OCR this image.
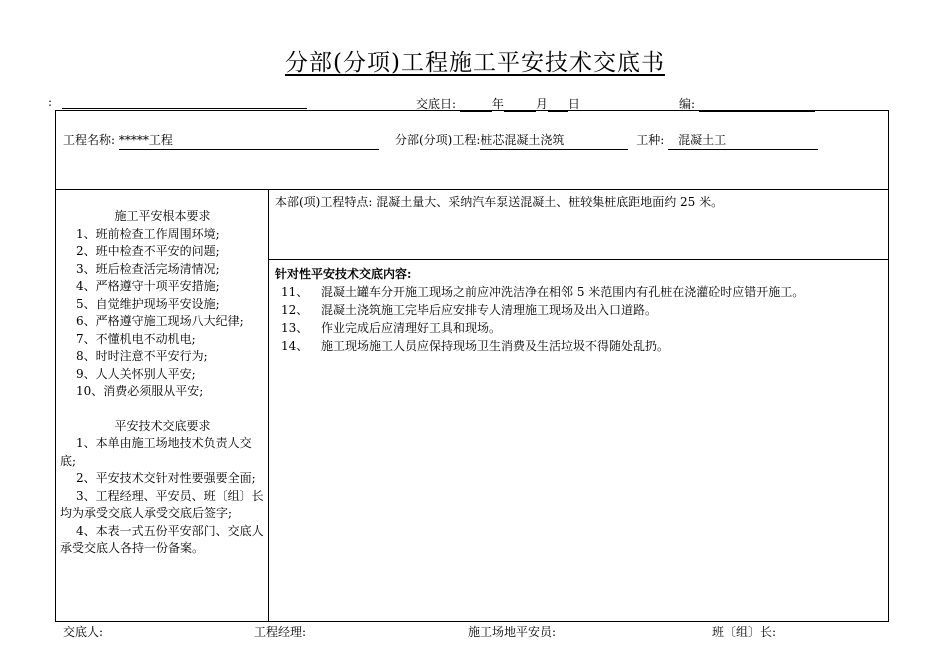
分部(分项)工程施工平安技术交底书
:	交底日:	年	月 日	编:
工程名称: *****工程	分部(分项)工程:桩芯混凝土浇筑	工种: 混凝土工
本部(项)工程特点: 混凝土量大、采纳汽车泵送混凝土、桩较集桩底距地面约 25 米。

施工平安根本要求

1、班前检查工作周围环境;

2、班中检查不平安的问题;

3、班后检查活完场清情况;

4、严格遵守十项平安措施;

5、自觉维护现场平安设施;

6、严格遵守施工现场八大纪律;

7、不懂机电不动机电;

8、时时注意不平安行为;

9、人人关怀别人平安;

10、消费必须服从平安;

平安技术交底要求

1、本单由施工场地技术负责人交底;

2、平安技术交针对性要强要全面;

3、工程经理、平安员、班〔组〕长均为承受交底人承受交底后签字;

4、本表一式五份平安部门、交底人承受交底人各持一份备案。

针对性平安技术交底内容:
11、 混凝土罐车分开施工现场之前应冲洗洁净在相邻 5 米范围内有孔桩在浇灌砼时应错开施工。
12、 混凝土浇筑施工完毕后应安排专人清理施工现场及出入口道路。
13、 作业完成后应清理好工具和现场。
14、 施工现场施工人员应保持现场卫生消费及生活垃圾不得随处乱扔。
交底人:	工程经理:	施工场地平安员:	班〔组〕长:
